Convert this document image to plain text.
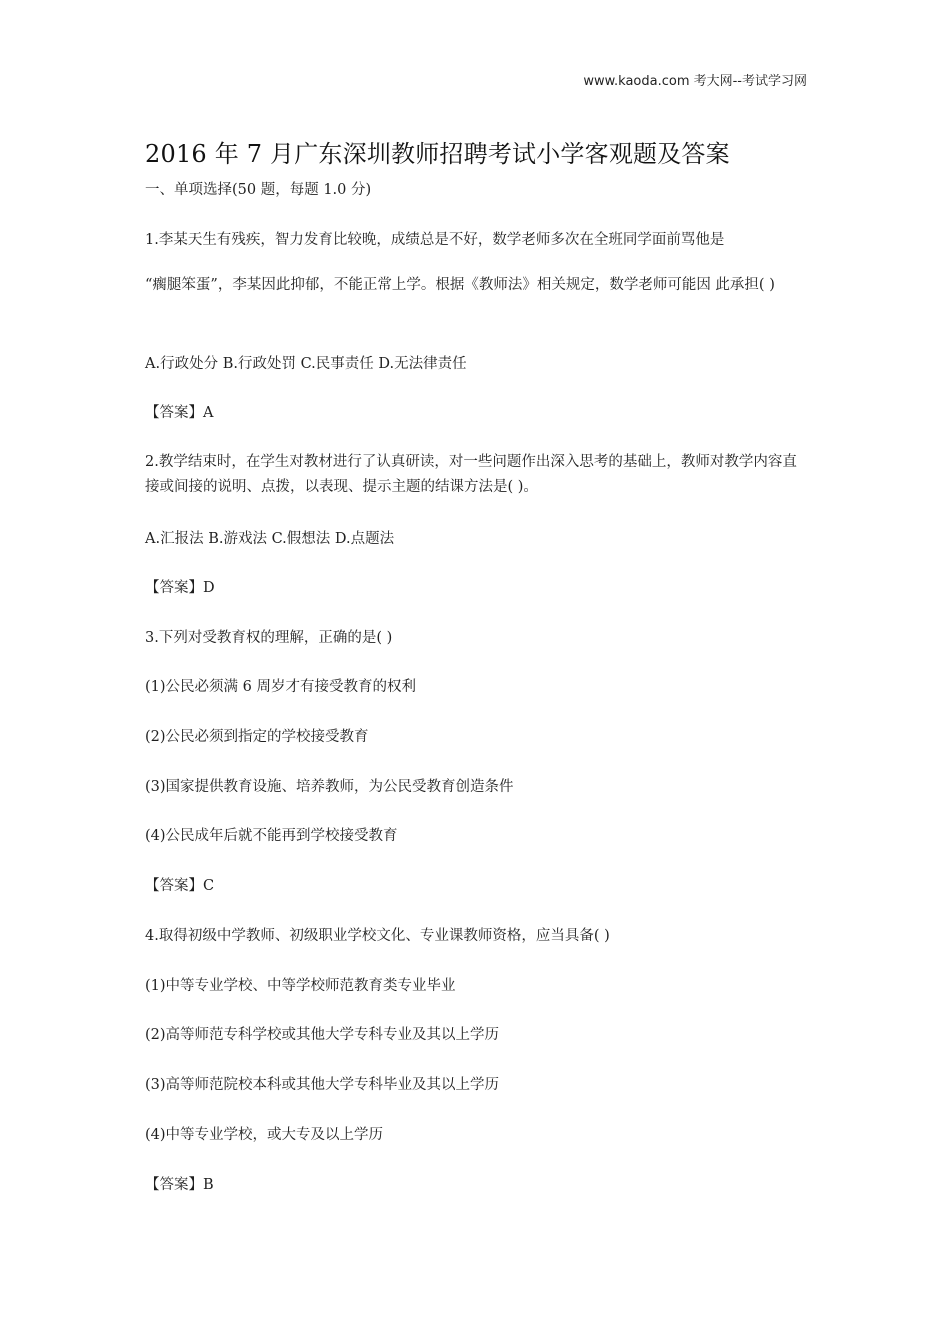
www.kaoda.com 考大网--考试学习网
2016 年 7 月广东深圳教师招聘考试小学客观题及答案
一、单项选择(50 题，每题 1.0 分)
1.李某天生有残疾，智力发育比较晚，成绩总是不好，数学老师多次在全班同学面前骂他是
“瘸腿笨蛋”，李某因此抑郁，不能正常上学。根据《教师法》相关规定，数学老师可能因 此承担( )
A.行政处分 B.行政处罚 C.民事责任 D.无法律责任
【答案】A
2.教学结束时，在学生对教材进行了认真研读，对一些问题作出深入思考的基础上，教师对教学内容直接或间接的说明、点拨，以表现、提示主题的结课方法是( )。
A.汇报法 B.游戏法 C.假想法 D.点题法
【答案】D
3.下列对受教育权的理解，正确的是( )
(1)公民必须满 6 周岁才有接受教育的权利
(2)公民必须到指定的学校接受教育
(3)国家提供教育设施、培养教师，为公民受教育创造条件
(4)公民成年后就不能再到学校接受教育
【答案】C
4.取得初级中学教师、初级职业学校文化、专业课教师资格，应当具备( )
(1)中等专业学校、中等学校师范教育类专业毕业
(2)高等师范专科学校或其他大学专科专业及其以上学历
(3)高等师范院校本科或其他大学专科毕业及其以上学历
(4)中等专业学校，或大专及以上学历
【答案】B
